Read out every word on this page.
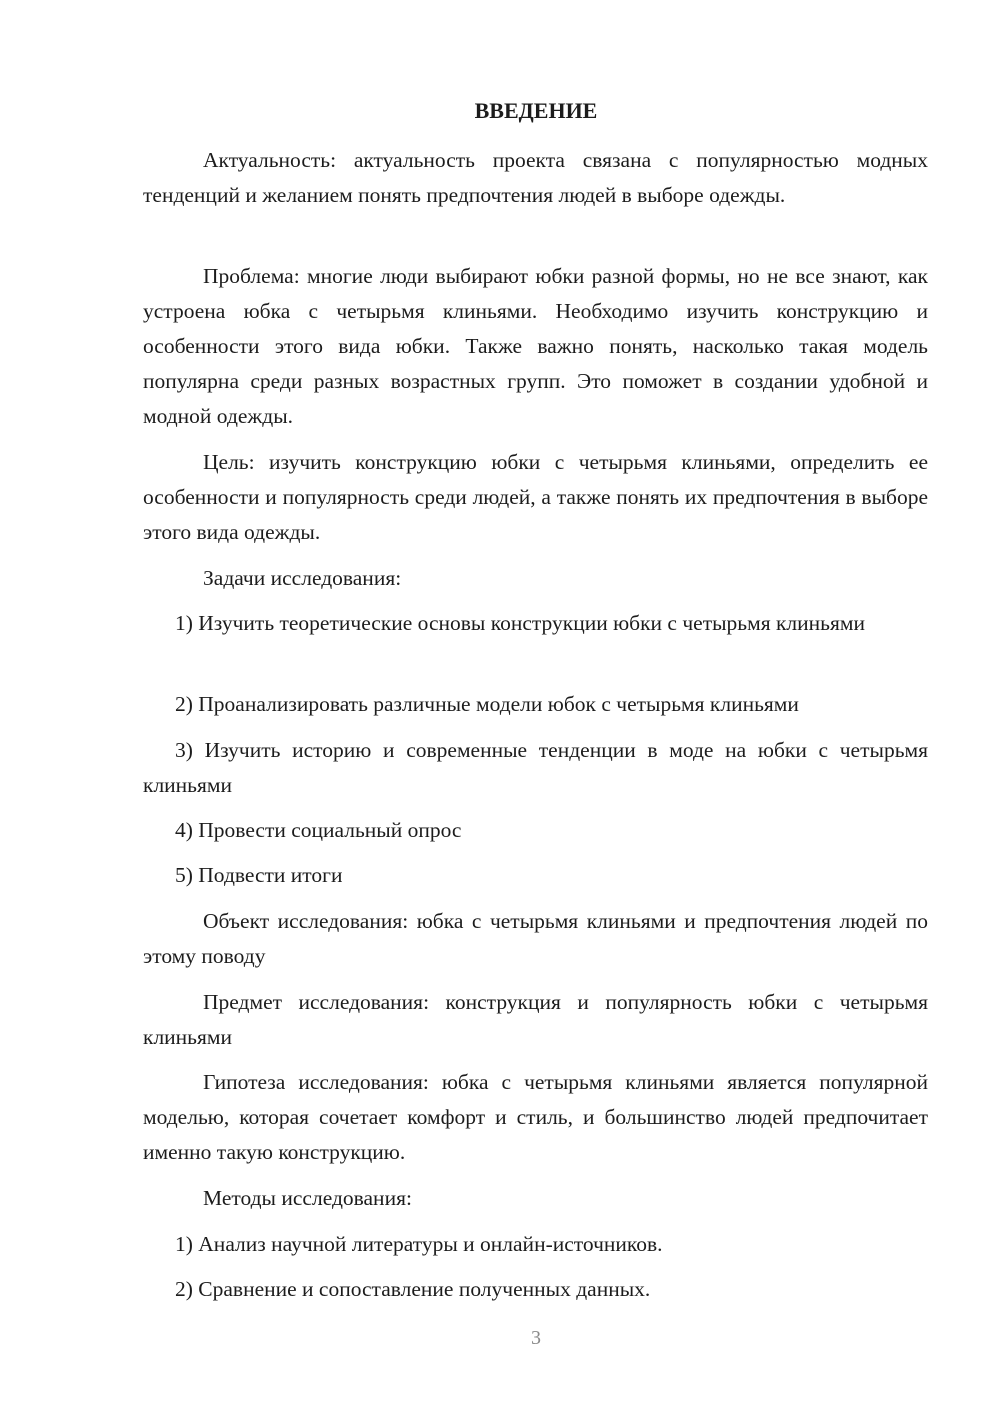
ВВЕДЕНИЕ
Актуальность: актуальность проекта связана с популярностью модных тенденций и желанием понять предпочтения людей в выборе одежды.
Проблема: многие люди выбирают юбки разной формы, но не все знают, как устроена юбка с четырьмя клиньями. Необходимо изучить конструкцию и особенности этого вида юбки. Также важно понять, насколько такая модель популярна среди разных возрастных групп. Это поможет в создании удобной и модной одежды.
Цель: изучить конструкцию юбки с четырьмя клиньями, определить ее особенности и популярность среди людей, а также понять их предпочтения в выборе этого вида одежды.
Задачи исследования:
1) Изучить теоретические основы конструкции юбки с четырьмя клиньями
2) Проанализировать различные модели юбок с четырьмя клиньями
3) Изучить историю и современные тенденции в моде на юбки с четырьмя клиньями
4) Провести социальный опрос
5) Подвести итоги
Объект исследования: юбка с четырьмя клиньями и предпочтения людей по этому поводу
Предмет исследования: конструкция и популярность юбки с четырьмя клиньями
Гипотеза исследования: юбка с четырьмя клиньями является популярной моделью, которая сочетает комфорт и стиль, и большинство людей предпочитает именно такую конструкцию.
Методы исследования:
1) Анализ научной литературы и онлайн-источников.
2) Сравнение и сопоставление полученных данных.
3
